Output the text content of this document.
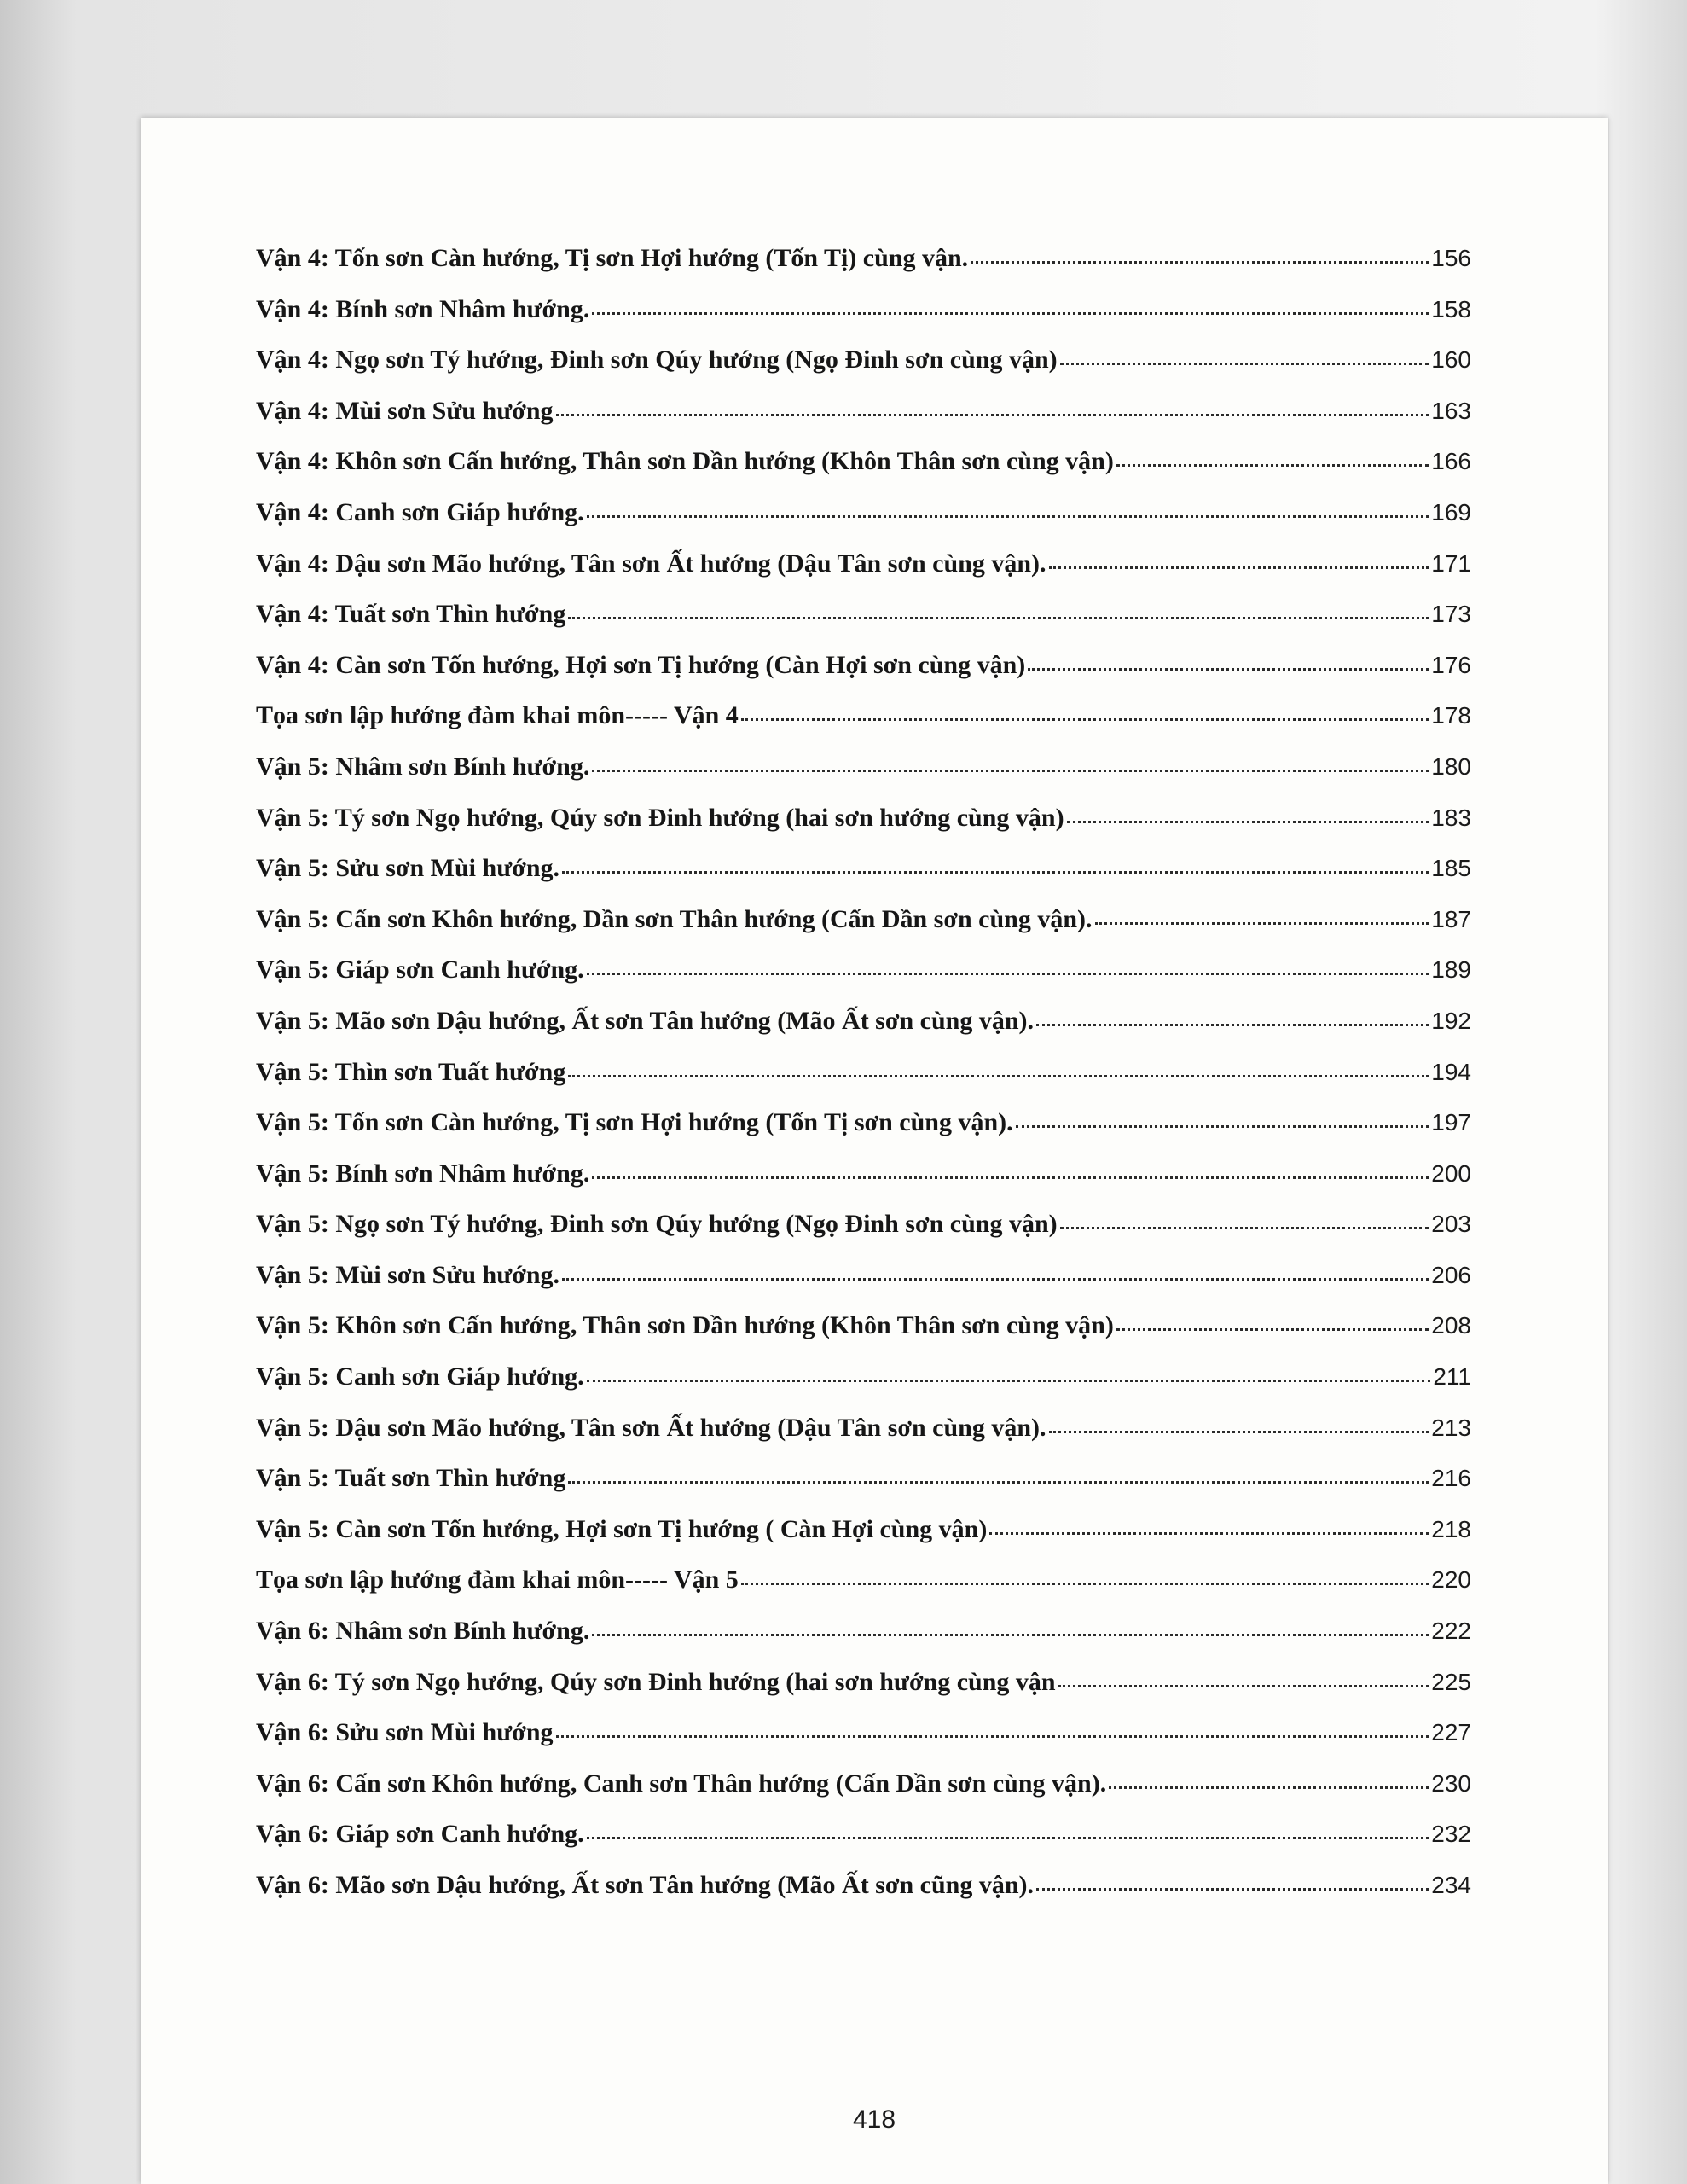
Vận 4: Tốn sơn Càn hướng, Tị sơn Hợi hướng (Tốn Tị) cùng vận.	156
Vận 4: Bính sơn Nhâm hướng.	158
Vận 4: Ngọ sơn Tý hướng, Đinh sơn Qúy hướng (Ngọ Đinh sơn cùng vận)	160
Vận 4: Mùi sơn Sửu hướng	163
Vận 4: Khôn sơn Cấn hướng, Thân sơn Dần hướng (Khôn Thân sơn cùng vận)	166
Vận 4: Canh sơn Giáp hướng.	169
Vận 4: Dậu sơn Mão hướng, Tân sơn Ất hướng (Dậu Tân sơn cùng vận).	171
Vận 4: Tuất sơn Thìn hướng	173
Vận 4: Càn sơn Tốn hướng, Hợi sơn Tị hướng (Càn Hợi sơn cùng vận)	176
Tọa sơn lập hướng đàm khai môn----- Vận 4	178
Vận 5: Nhâm sơn Bính hướng.	180
Vận 5: Tý sơn Ngọ hướng, Qúy sơn Đinh hướng (hai sơn hướng cùng vận)	183
Vận 5: Sửu sơn Mùi hướng.	185
Vận 5: Cấn sơn Khôn hướng, Dần sơn Thân hướng (Cấn Dần sơn cùng vận).	187
Vận 5: Giáp sơn Canh hướng.	189
Vận 5: Mão sơn Dậu hướng, Ất sơn Tân hướng (Mão Ất sơn cùng vận).	192
Vận 5: Thìn sơn Tuất hướng	194
Vận 5: Tốn sơn Càn hướng, Tị sơn Hợi hướng (Tốn Tị sơn cùng vận).	197
Vận 5: Bính sơn Nhâm hướng.	200
Vận 5: Ngọ sơn Tý hướng, Đinh sơn Qúy hướng (Ngọ Đinh sơn cùng vận)	203
Vận 5: Mùi sơn Sửu hướng.	206
Vận 5: Khôn sơn Cấn hướng, Thân sơn Dần hướng (Khôn Thân sơn cùng vận)	208
Vận 5: Canh sơn Giáp hướng.	211
Vận 5: Dậu sơn Mão hướng, Tân sơn Ất hướng (Dậu Tân sơn cùng vận).	213
Vận 5: Tuất sơn Thìn hướng	216
Vận 5: Càn sơn Tốn hướng, Hợi sơn Tị hướng ( Càn Hợi cùng vận)	218
Tọa sơn lập hướng đàm khai môn----- Vận 5	220
Vận 6: Nhâm sơn Bính hướng.	222
Vận 6: Tý sơn Ngọ hướng, Qúy sơn Đinh hướng (hai sơn hướng cùng vận	225
Vận 6: Sửu sơn Mùi hướng	227
Vận 6: Cấn sơn Khôn hướng, Canh sơn Thân hướng (Cấn Dần sơn cùng vận).	230
Vận 6: Giáp sơn Canh hướng.	232
Vận 6: Mão sơn Dậu hướng, Ất sơn Tân hướng (Mão Ất sơn cũng vận).	234
418
